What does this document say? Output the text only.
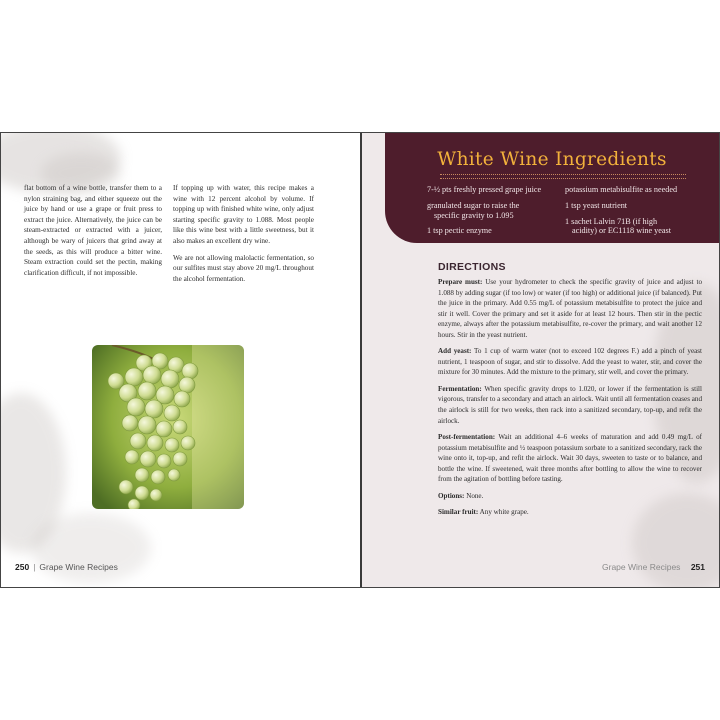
flat bottom of a wine bottle, transfer them to a nylon straining bag, and either squeeze out the juice by hand or use a grape or fruit press to extract the juice. Alternatively, the juice can be steam-extracted or extracted with a juicer, although be wary of juicers that grind away at the seeds, as this will produce a bitter wine. Steam extraction could set the pectin, making clarification difficult, if not impossible.

If topping up with water, this recipe makes a wine with 12 percent alcohol by volume. If topping up with finished white wine, only adjust starting specific gravity to 1.088. Most people like this wine best with a little sweetness, but it also makes an excellent dry wine.

We are not allowing malolactic fermentation, so our sulfites must stay above 20 mg/L throughout the alcohol fermentation.

250 | Grape Wine Recipes
White Wine Ingredients
7-½ pts freshly pressed grape juice
granulated sugar to raise the
specific gravity to 1.095
1 tsp pectic enzyme
potassium metabisulfite as needed
1 tsp yeast nutrient
1 sachet Lalvin 71B (if high
acidity) or EC1118 wine yeast
DIRECTIONS

Prepare must: Use your hydrometer to check the specific gravity of juice and adjust to 1.088 by adding sugar (if too low) or water (if too high) or additional juice (if balanced). Put the juice in the primary. Add 0.55 mg/L of potassium metabisulfite to protect the juice and stir it well. Cover the primary and set it aside for at least 12 hours. Then stir in the pectic enzyme, always after the potassium metabisulfite, re-cover the primary, and wait another 12 hours. Stir in the yeast nutrient.

Add yeast: To 1 cup of warm water (not to exceed 102 degrees F.) add a pinch of yeast nutrient, 1 teaspoon of sugar, and stir to dissolve. Add the yeast to water, stir, and cover the mixture for 30 minutes. Add the mixture to the primary, stir well, and cover the primary.

Fermentation: When specific gravity drops to 1.020, or lower if the fermentation is still vigorous, transfer to a secondary and attach an airlock. Wait until all fermentation ceases and the airlock is still for two weeks, then rack into a sanitized secondary, top-up, and refit the airlock.

Post-fermentation: Wait an additional 4–6 weeks of maturation and add 0.49 mg/L of potassium metabisulfite and ½ teaspoon potassium sorbate to a sanitized secondary, rack the wine onto it, top-up, and refit the airlock. Wait 30 days, sweeten to taste or to balance, and bottle the wine. If sweetened, wait three months after bottling to allow the wine to recover from the agitation of bottling before tasting.

Options: None.

Similar fruit: Any white grape.

Grape Wine Recipes 251
